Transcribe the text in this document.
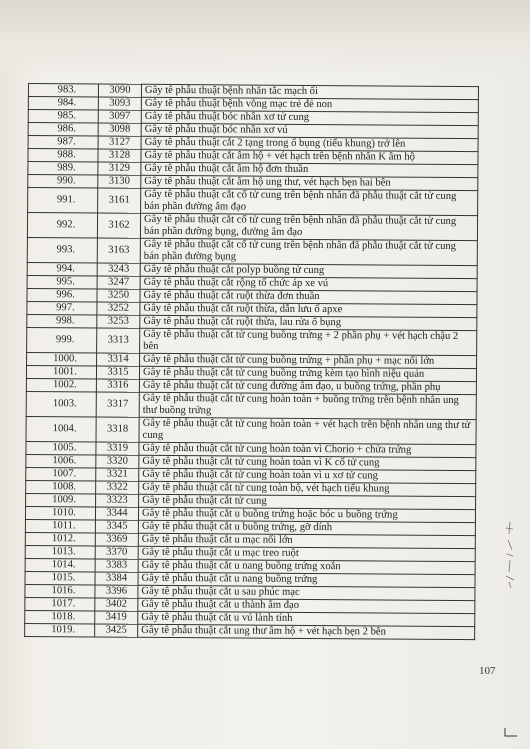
983.	3090	Gây tê phẫu thuật bệnh nhãn tắc mạch ối
984.	3093	Gây tê phẫu thuật bệnh võng mạc trẻ đẻ non
985.	3097	Gây tê phẫu thuật bóc nhân xơ tử cung
986.	3098	Gây tê phẫu thuật bóc nhân xơ vú
987.	3127	Gây tê phẫu thuật cắt 2 tạng trong ổ bụng (tiểu khung) trở lên
988.	3128	Gây tê phẫu thuật cắt âm hộ + vét hạch trên bệnh nhân K âm hộ
989.	3129	Gây tê phẫu thuật cắt âm hộ đơn thuần
990.	3130	Gây tê phẫu thuật cắt âm hộ ung thư, vét hạch bẹn hai bên
991.	3161	Gây tê phẫu thuật cắt cổ tử cung trên bệnh nhân đã phẫu thuật cắt tử cung bán phần đường âm đạo
992.	3162	Gây tê phẫu thuật cắt cổ tử cung trên bệnh nhân đã phẫu thuật cắt tử cung bán phần đường bụng, đường âm đạo
993.	3163	Gây tê phẫu thuật cắt cổ tử cung trên bệnh nhân đã phẫu thuật cắt tử cung bán phần đường bụng
994.	3243	Gây tê phẫu thuật cắt polyp buồng tử cung
995.	3247	Gây tê phẫu thuật cắt rộng tổ chức áp xe vú
996.	3250	Gây tê phẫu thuật cắt ruột thừa đơn thuần
997.	3252	Gây tê phẫu thuật cắt ruột thừa, dẫn lưu ổ apxe
998.	3253	Gây tê phẫu thuật cắt ruột thừa, lau rửa ổ bụng
999.	3313	Gây tê phẫu thuật cắt tử cung buồng trứng + 2 phần phụ + vét hạch chậu 2 bên
1000.	3314	Gây tê phẫu thuật cắt tử cung buồng trứng + phần phụ + mạc nối lớn
1001.	3315	Gây tê phẫu thuật cắt tử cung buồng trứng kèm tạo hình niệu quản
1002.	3316	Gây tê phẫu thuật cắt tử cung đường âm đạo, u buồng trứng, phần phụ
1003.	3317	Gây tê phẫu thuật cắt tử cung hoàn toàn + buồng trứng trên bệnh nhân ung thư buồng trứng
1004.	3318	Gây tê phẫu thuật cắt tử cung hoàn toàn + vét hạch trên bệnh nhân ung thư tử cung
1005.	3319	Gây tê phẫu thuật cắt tử cung hoàn toàn vì Chorio + chửa trứng
1006.	3320	Gây tê phẫu thuật cắt tử cung hoàn toàn vì K cổ tử cung
1007.	3321	Gây tê phẫu thuật cắt tử cung hoàn toàn vì u xơ tử cung
1008.	3322	Gây tê phẫu thuật cắt tử cung toàn bộ, vét hạch tiểu khung
1009.	3323	Gây tê phẫu thuật cắt tử cung
1010.	3344	Gây tê phẫu thuật cắt u buồng trứng hoặc bóc u buồng trứng
1011.	3345	Gây tê phẫu thuật cắt u buồng trứng, gỡ dính
1012.	3369	Gây tê phẫu thuật cắt u mạc nối lớn
1013.	3370	Gây tê phẫu thuật cắt u mạc treo ruột
1014.	3383	Gây tê phẫu thuật cắt u nang buồng trứng xoắn
1015.	3384	Gây tê phẫu thuật cắt u nang buồng trứng
1016.	3396	Gây tê phẫu thuật cắt u sau phúc mạc
1017.	3402	Gây tê phẫu thuật cắt u thành âm đạo
1018.	3419	Gây tê phẫu thuật cắt u vú lành tính
1019.	3425	Gây tê phẫu thuật cắt ung thư âm hộ + vét hạch bẹn 2 bên
107
